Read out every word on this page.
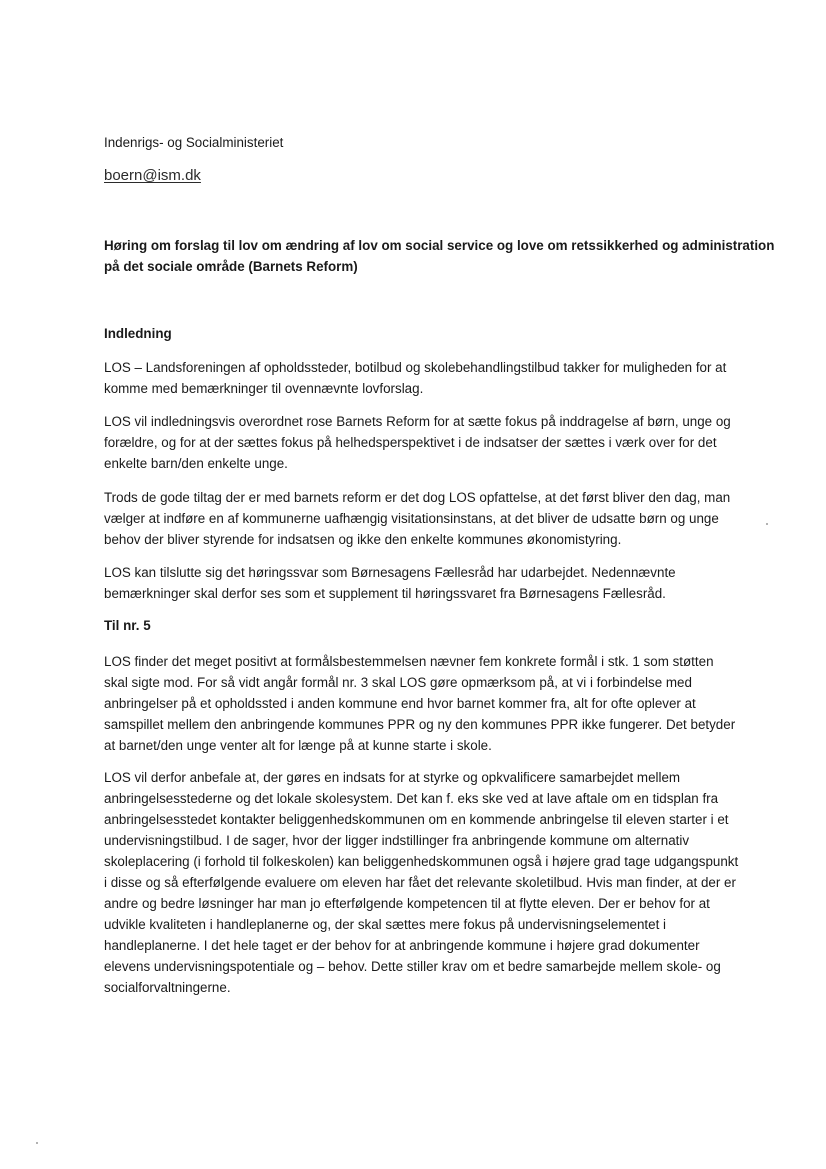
Indenrigs- og Socialministeriet
boern@ism.dk
Høring om forslag til lov om ændring af lov om social service og love om retssikkerhed og administration
på det sociale område (Barnets Reform)
Indledning
LOS – Landsforeningen af opholdssteder, botilbud og skolebehandlingstilbud takker for muligheden for at
komme med bemærkninger til ovennævnte lovforslag.
LOS vil indledningsvis overordnet rose Barnets Reform for at sætte fokus på inddragelse af børn, unge og
forældre, og for at der sættes fokus på helhedsperspektivet i de indsatser der sættes i værk over for det
enkelte barn/den enkelte unge.
Trods de gode tiltag der er med barnets reform er det dog LOS opfattelse, at det først bliver den dag, man
vælger at indføre en af kommunerne uafhængig visitationsinstans, at det bliver de udsatte børn og unge
behov der bliver styrende for indsatsen og ikke den enkelte kommunes økonomistyring.
LOS kan tilslutte sig det høringssvar som Børnesagens Fællesråd har udarbejdet. Nedennævnte
bemærkninger skal derfor ses som et supplement til høringssvaret fra Børnesagens Fællesråd.
Til nr. 5
LOS finder det meget positivt at formålsbestemmelsen nævner fem konkrete formål i stk. 1 som støtten
skal sigte mod. For så vidt angår formål nr. 3 skal LOS gøre opmærksom på, at vi i forbindelse med
anbringelser på et opholdssted i anden kommune end hvor barnet kommer fra, alt for ofte oplever at
samspillet mellem den anbringende kommunes PPR og ny den kommunes PPR ikke fungerer. Det betyder
at barnet/den unge venter alt for længe på at kunne starte i skole.
LOS vil derfor anbefale at, der gøres en indsats for at styrke og opkvalificere samarbejdet mellem
anbringelsesstederne og det lokale skolesystem. Det kan f. eks ske ved at lave aftale om en tidsplan fra
anbringelsesstedet kontakter beliggenhedskommunen om en kommende anbringelse til eleven starter i et
undervisningstilbud. I de sager, hvor der ligger indstillinger fra anbringende kommune om alternativ
skoleplacering (i forhold til folkeskolen) kan beliggenhedskommunen også i højere grad tage udgangspunkt
i disse og så efterfølgende evaluere om eleven har fået det relevante skoletilbud. Hvis man finder, at der er
andre og bedre løsninger har man jo efterfølgende kompetencen til at flytte eleven. Der er behov for at
udvikle kvaliteten i handleplanerne og, der skal sættes mere fokus på undervisningselementet i
handleplanerne. I det hele taget er der behov for at anbringende kommune i højere grad dokumenter
elevens undervisningspotentiale og – behov. Dette stiller krav om et bedre samarbejde mellem skole- og
socialforvaltningerne.
